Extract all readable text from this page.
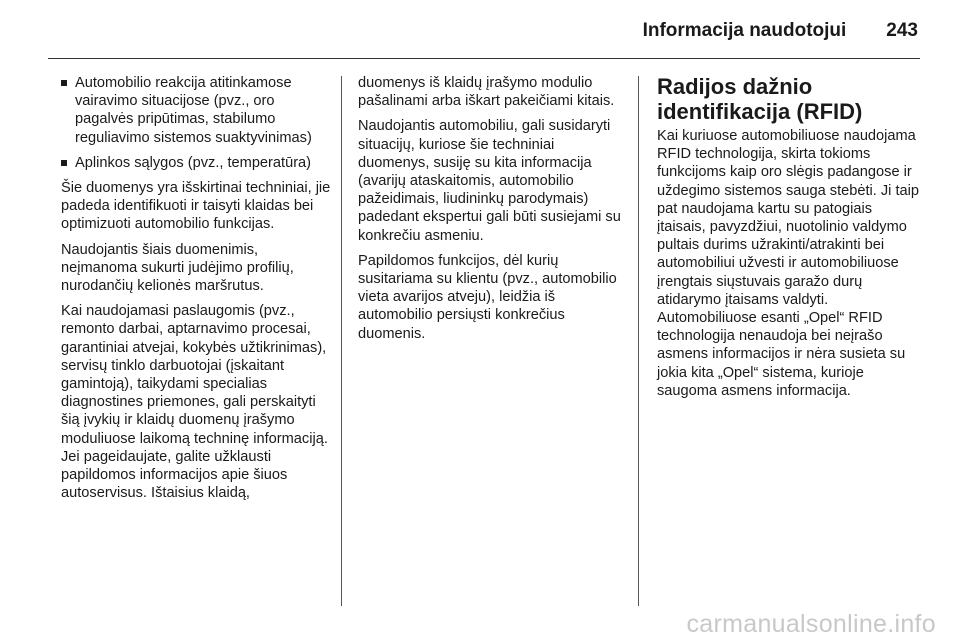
Informacija naudotojui 243
Automobilio reakcija atitinkamose vairavimo situacijose (pvz., oro pagalvės pripūtimas, stabilumo reguliavimo sistemos suaktyvinimas)
Aplinkos sąlygos (pvz., temperatūra)

Šie duomenys yra išskirtinai techniniai, jie padeda identifikuoti ir taisyti klaidas bei optimizuoti automobilio funkcijas.

Naudojantis šiais duomenimis, neįmanoma sukurti judėjimo profilių, nurodančių kelionės maršrutus.

Kai naudojamasi paslaugomis (pvz., remonto darbai, aptarnavimo procesai, garantiniai atvejai, kokybės užtikrinimas), servisų tinklo darbuotojai (įskaitant gamintoją), taikydami specialias diagnostines priemones, gali perskaityti šią įvykių ir klaidų duomenų įrašymo moduliuose laikomą techninę informaciją. Jei pageidaujate, galite užklausti papildomos informacijos apie šiuos autoservisus. Ištaisius klaidą,

duomenys iš klaidų įrašymo modulio pašalinami arba iškart pakeičiami kitais.

Naudojantis automobiliu, gali susidaryti situacijų, kuriose šie techniniai duomenys, susiję su kita informacija (avarijų ataskaitomis, automobilio pažeidimais, liudininkų parodymais) padedant ekspertui gali būti susiejami su konkrečiu asmeniu.

Papildomos funkcijos, dėl kurių susitariama su klientu (pvz., automobilio vieta avarijos atveju), leidžia iš automobilio persiųsti konkrečius duomenis.

Radijos dažnio identifikacija (RFID)

Kai kuriuose automobiliuose naudojama RFID technologija, skirta tokioms funkcijoms kaip oro slėgis padangose ir uždegimo sistemos sauga stebėti. Ji taip pat naudojama kartu su patogiais įtaisais, pavyzdžiui, nuotolinio valdymo pultais durims užrakinti/atrakinti bei automobiliui užvesti ir automobiliuose įrengtais siųstuvais garažo durų atidarymo įtaisams valdyti. Automobiliuose esanti „Opel“ RFID technologija nenaudoja bei neįrašo asmens informacijos ir nėra susieta su jokia kita „Opel“ sistema, kurioje saugoma asmens informacija.

carmanualsonline.info
